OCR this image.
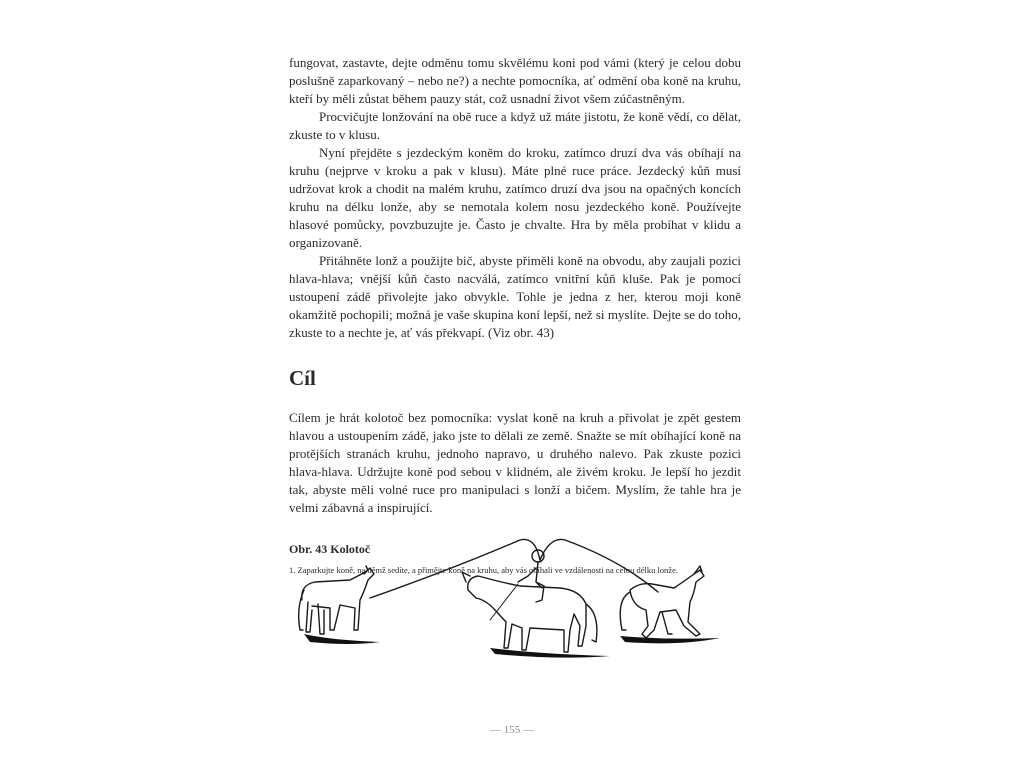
fungovat, zastavte, dejte odměnu tomu skvělému koni pod vámi (který je celou dobu poslušně zaparkovaný – nebo ne?) a nechte pomocníka, ať odmění oba koně na kruhu, kteří by měli zůstat během pauzy stát, což usnadní život všem zúčastněným.

Procvičujte lonžování na obě ruce a když už máte jistotu, že koně vědí, co dělat, zkuste to v klusu.

Nyní přejděte s jezdeckým koněm do kroku, zatímco druzí dva vás obíhají na kruhu (nejprve v kroku a pak v klusu). Máte plné ruce práce. Jezdecký kůň musí udržovat krok a chodit na malém kruhu, zatímco druzí dva jsou na opačných koncích kruhu na délku lonže, aby se nemotala kolem nosu jezdeckého koně. Používejte hlasové pomůcky, povzbuzujte je. Často je chvalte. Hra by měla probíhat v klidu a organizovaně.

Přitáhněte lonž a použijte bič, abyste přiměli koně na obvodu, aby zaujali pozici hlava-hlava; vnější kůň často nacválá, zatímco vnitřní kůň kluše. Pak je pomocí ustoupení zádě přivolejte jako obvykle. Tohle je jedna z her, kterou moji koně okamžitě pochopili; možná je vaše skupina koní lepší, než si myslíte. Dejte se do toho, zkuste to a nechte je, ať vás překvapí. (Viz obr. 43)

Cíl

Cílem je hrát kolotoč bez pomocníka: vyslat koně na kruh a přivolat je zpět gestem hlavou a ustoupením zádě, jako jste to dělali ze země. Snažte se mít obíhající koně na protějších stranách kruhu, jednoho napravo, u druhého nalevo. Pak zkuste pozici hlava-hlava. Udržujte koně pod sebou v klidném, ale živém kroku. Je lepší ho jezdit tak, abyste měli volné ruce pro manipulaci s lonží a bičem. Myslím, že tahle hra je velmi zábavná a inspirující.

Obr. 43 Kolotoč
1. Zaparkujte koně, na němž sedíte, a přimějte koně na kruhu, aby vás obíhali ve vzdálenosti na celou délku lonže.
— 155 —
